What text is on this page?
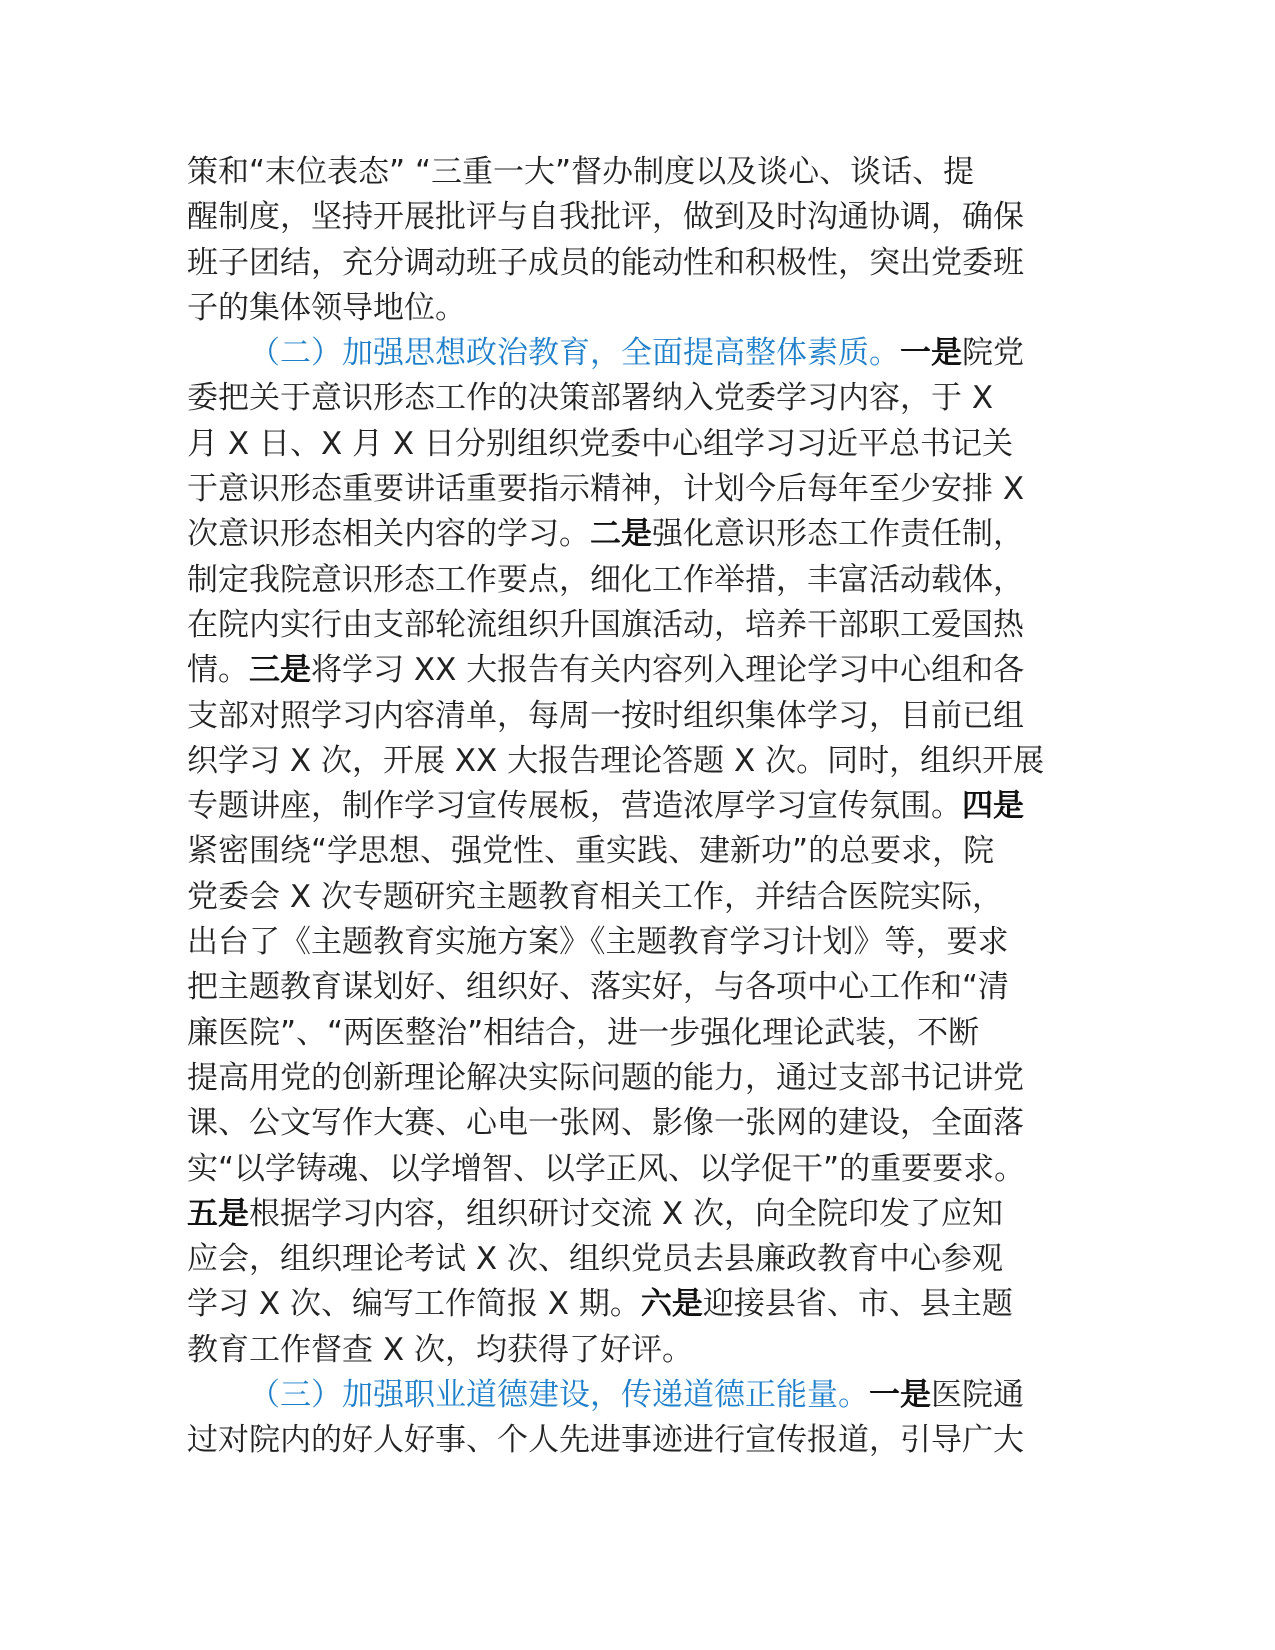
策和“末位表态” “三重一大”督办制度以及谈心、谈话、提
醒制度，坚持开展批评与自我批评，做到及时沟通协调，确保
班子团结，充分调动班子成员的能动性和积极性，突出党委班
子的集体领导地位。
（二）加强思想政治教育，全面提高整体素质。一是院党
委把关于意识形态工作的决策部署纳入党委学习内容，于 X
月 X 日、X 月 X 日分别组织党委中心组学习习近平总书记关
于意识形态重要讲话重要指示精神，计划今后每年至少安排 X
次意识形态相关内容的学习。二是强化意识形态工作责任制，
制定我院意识形态工作要点，细化工作举措，丰富活动载体，
在院内实行由支部轮流组织升国旗活动，培养干部职工爱国热
情。三是将学习 XX 大报告有关内容列入理论学习中心组和各
支部对照学习内容清单，每周一按时组织集体学习，目前已组
织学习 X 次，开展 XX 大报告理论答题 X 次。同时，组织开展
专题讲座，制作学习宣传展板，营造浓厚学习宣传氛围。四是
紧密围绕“学思想、强党性、重实践、建新功”的总要求，院
党委会 X 次专题研究主题教育相关工作，并结合医院实际，
出台了《主题教育实施方案》《主题教育学习计划》等，要求
把主题教育谋划好、组织好、落实好，与各项中心工作和“清
廉医院”、“两医整治”相结合，进一步强化理论武装，不断
提高用党的创新理论解决实际问题的能力，通过支部书记讲党
课、公文写作大赛、心电一张网、影像一张网的建设，全面落
实“以学铸魂、以学增智、以学正风、以学促干”的重要要求。
五是根据学习内容，组织研讨交流 X 次，向全院印发了应知
应会，组织理论考试 X 次、组织党员去县廉政教育中心参观
学习 X 次、编写工作简报 X 期。六是迎接县省、市、县主题
教育工作督查 X 次，均获得了好评。
（三）加强职业道德建设，传递道德正能量。一是医院通
过对院内的好人好事、个人先进事迹进行宣传报道，引导广大
